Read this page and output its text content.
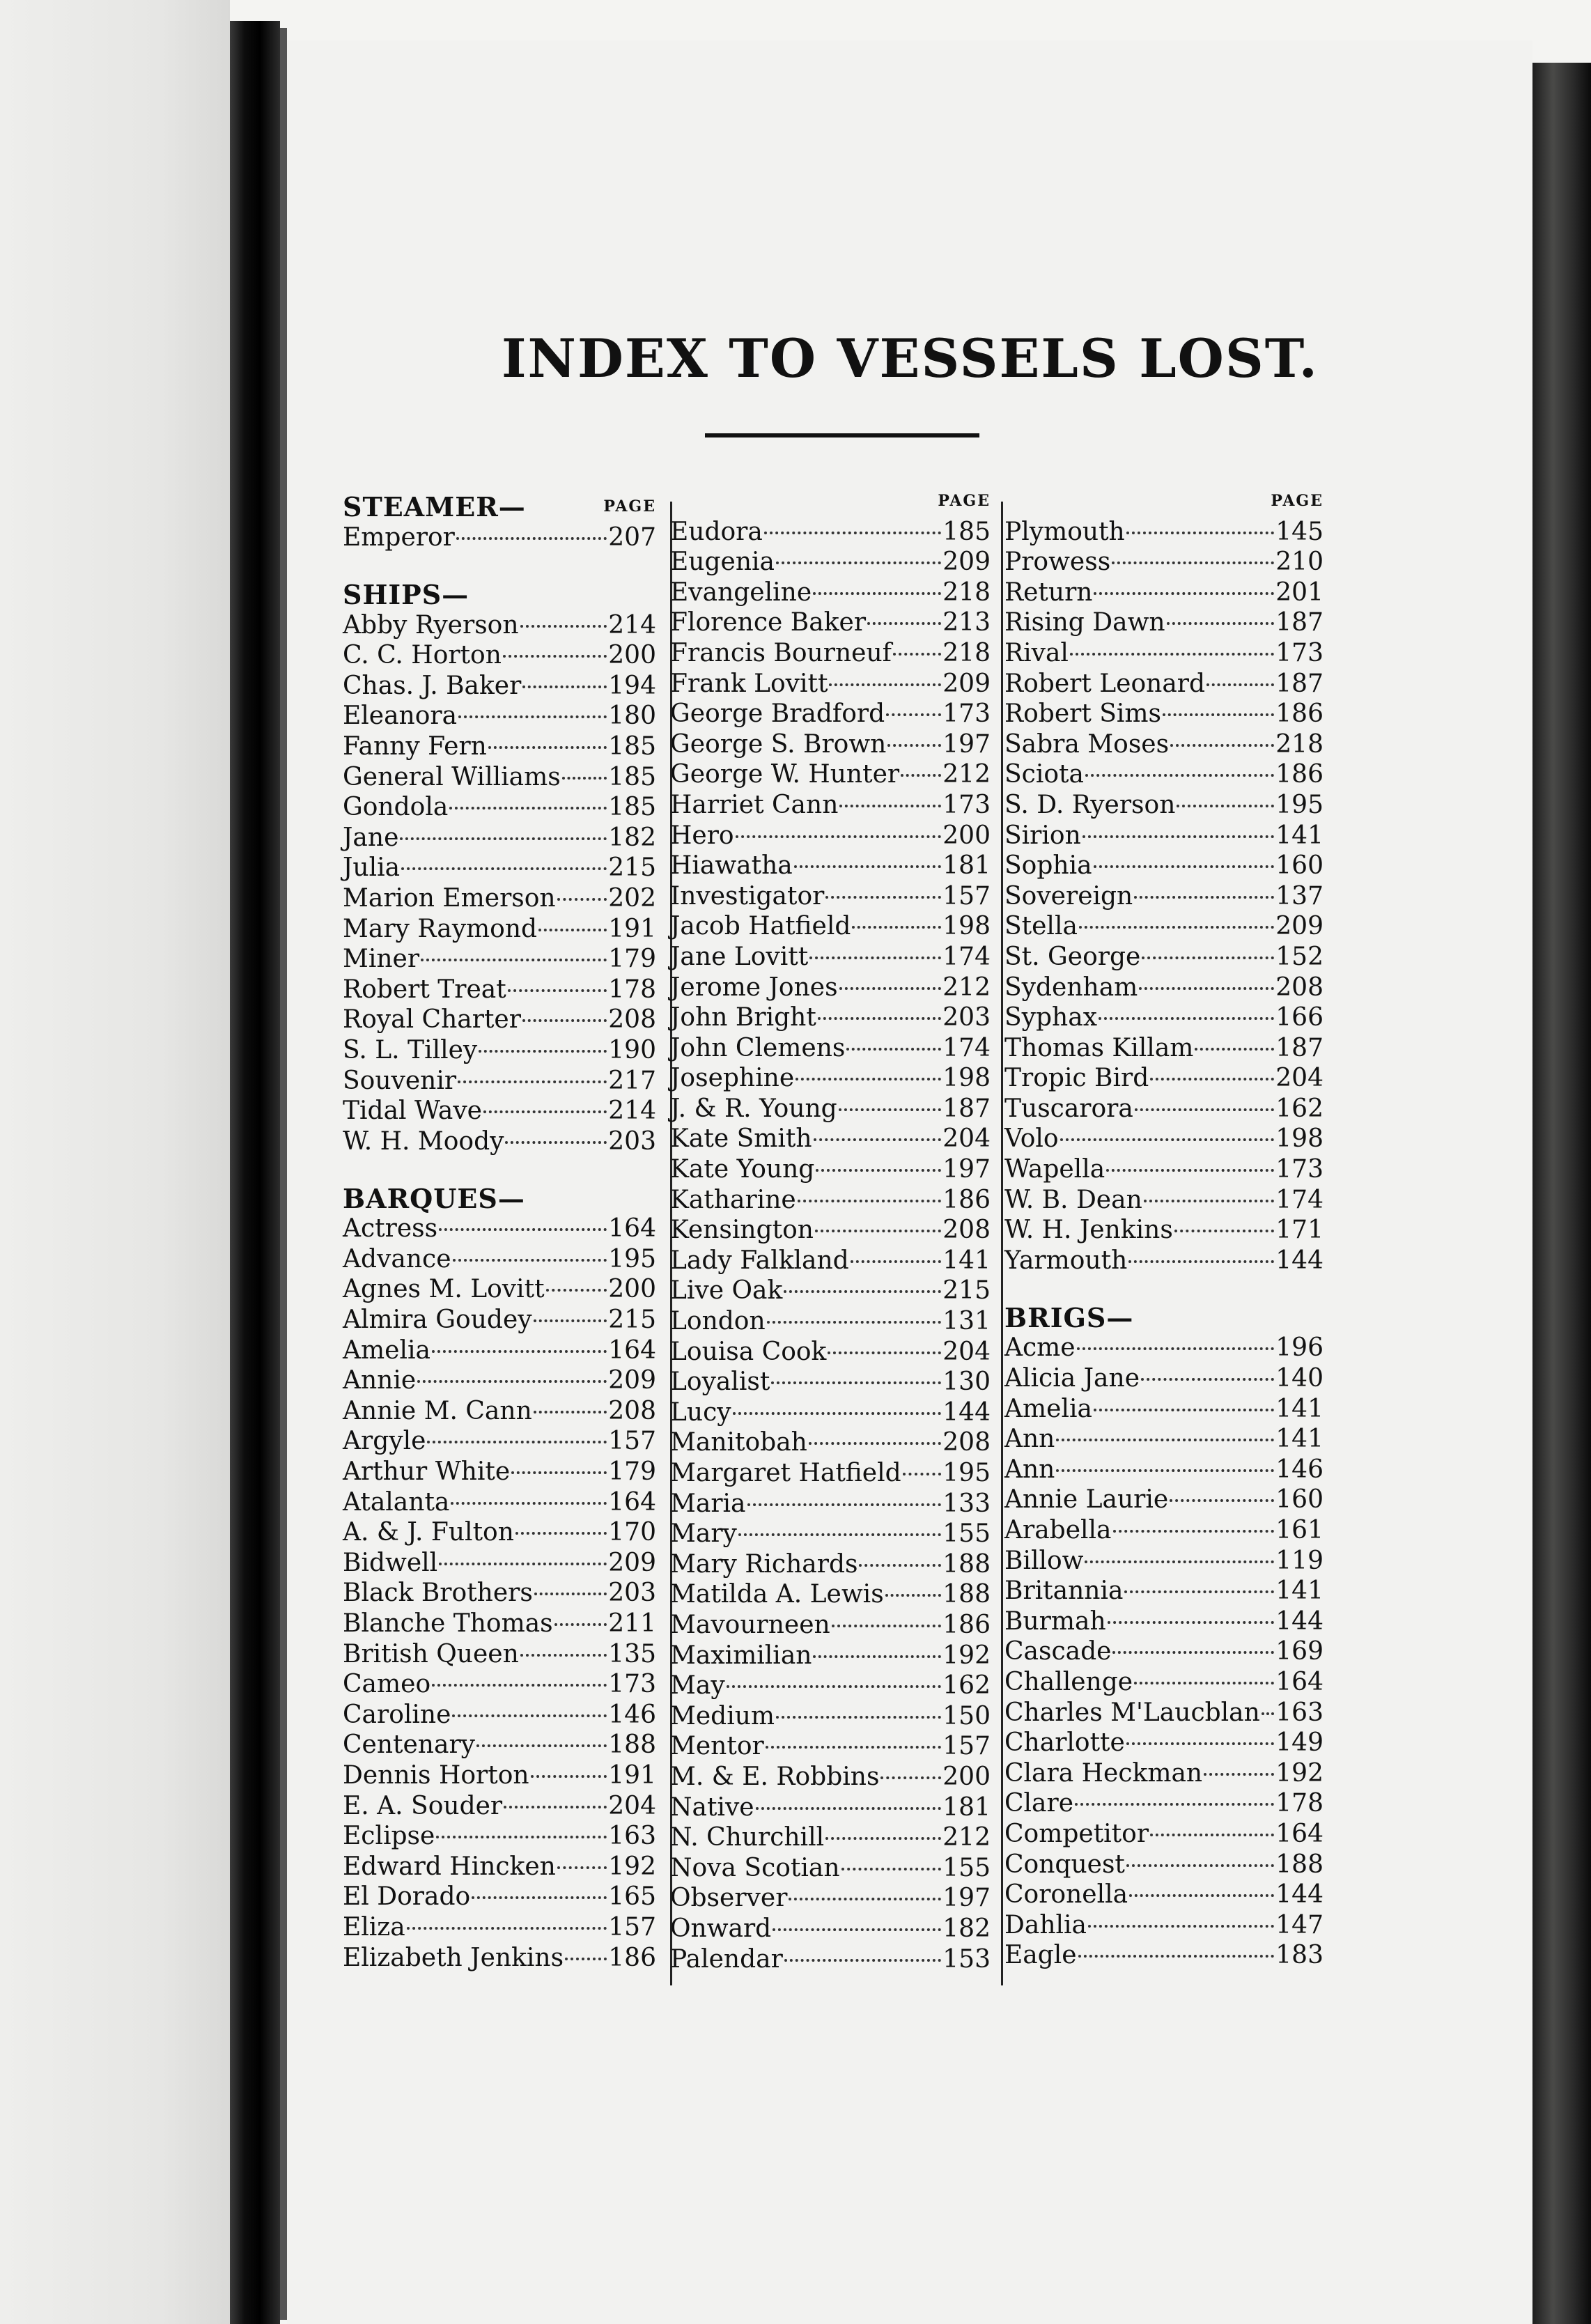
INDEX TO VESSELS LOST.
STEAMER—	PAGE
Emperor	207
SHIPS—
Abby Ryerson	214
C. C. Horton	200
Chas. J. Baker	194
Eleanora	180
Fanny Fern	185
General Williams 185
Gondola	185
Jane	182
Julia	215
Marion Emerson 202
Mary Raymond	191
Miner	179
Robert Treat	178
Royal Charter	208
S. L. Tilley	190
Souvenir	217
Tidal Wave	214
W. H. Moody	203
BARQUES—
Actress	164
Advance	195
Agnes M. Lovitt	200
Almira Goudey	215
Amelia	164
Annie	209
Annie M. Cann	208
Argyle	157
Arthur White	179
Atalanta	164
A. & J. Fulton	170
Bidwell	209
Black Brothers	203
Blanche Thomas 211
British Queen	135
Cameo	173
Caroline	146
Centenary	188
Dennis Horton	191
E. A. Souder	204
Eclipse	163
Edward Hincken 192
El Dorado	165
Eliza	157
Elizabeth Jenkins 186
PAGE
Eudora	185
Eugenia	209
Evangeline	218
Florence Baker	213
Francis Bourneuf 218
Frank Lovitt	209
George Bradford 173
George S. Brown 197
George W. Hunter 212
Harriet Cann	173
Hero	200
Hiawatha	181
Investigator	157
Jacob Hatfield	198
Jane Lovitt	174
Jerome Jones	212
John Bright	203
John Clemens	174
Josephine	198
J. & R. Young	187
Kate Smith	204
Kate Young	197
Katharine	186
Kensington	208
Lady Falkland	141
Live Oak	215
London	131
Louisa Cook	204
Loyalist	130
Lucy	144
Manitobah	208
Margaret Hatfield 195
Maria	133
Mary	155
Mary Richards	188
Matilda A. Lewis 188
Mavourneen	186
Maximilian	192
May	162
Medium	150
Mentor	157
M. & E. Robbins	200
Native	181
N. Churchill	212
Nova Scotian	155
Observer	197
Onward	182
Palendar	153
PAGE
Plymouth	145
Prowess	210
Return	201
Rising Dawn	187
Rival	173
Robert Leonard	187
Robert Sims	186
Sabra Moses	218
Sciota	186
S. D. Ryerson	195
Sirion	141
Sophia	160
Sovereign	137
Stella	209
St. George	152
Sydenham	208
Syphax	166
Thomas Killam	187
Tropic Bird	204
Tuscarora	162
Volo	198
Wapella	173
W. B. Dean	174
W. H. Jenkins	171
Yarmouth	144
BRIGS—
Acme	196
Alicia Jane	140
Amelia	141
Ann	141
Ann	146
Annie Laurie	160
Arabella	161
Billow	119
Britannia	141
Burmah	144
Cascade	169
Challenge	164
Charles M'Laucblan 163
Charlotte	149
Clara Heckman	192
Clare	178
Competitor	164
Conquest	188
Coronella	144
Dahlia	147
Eagle	183
